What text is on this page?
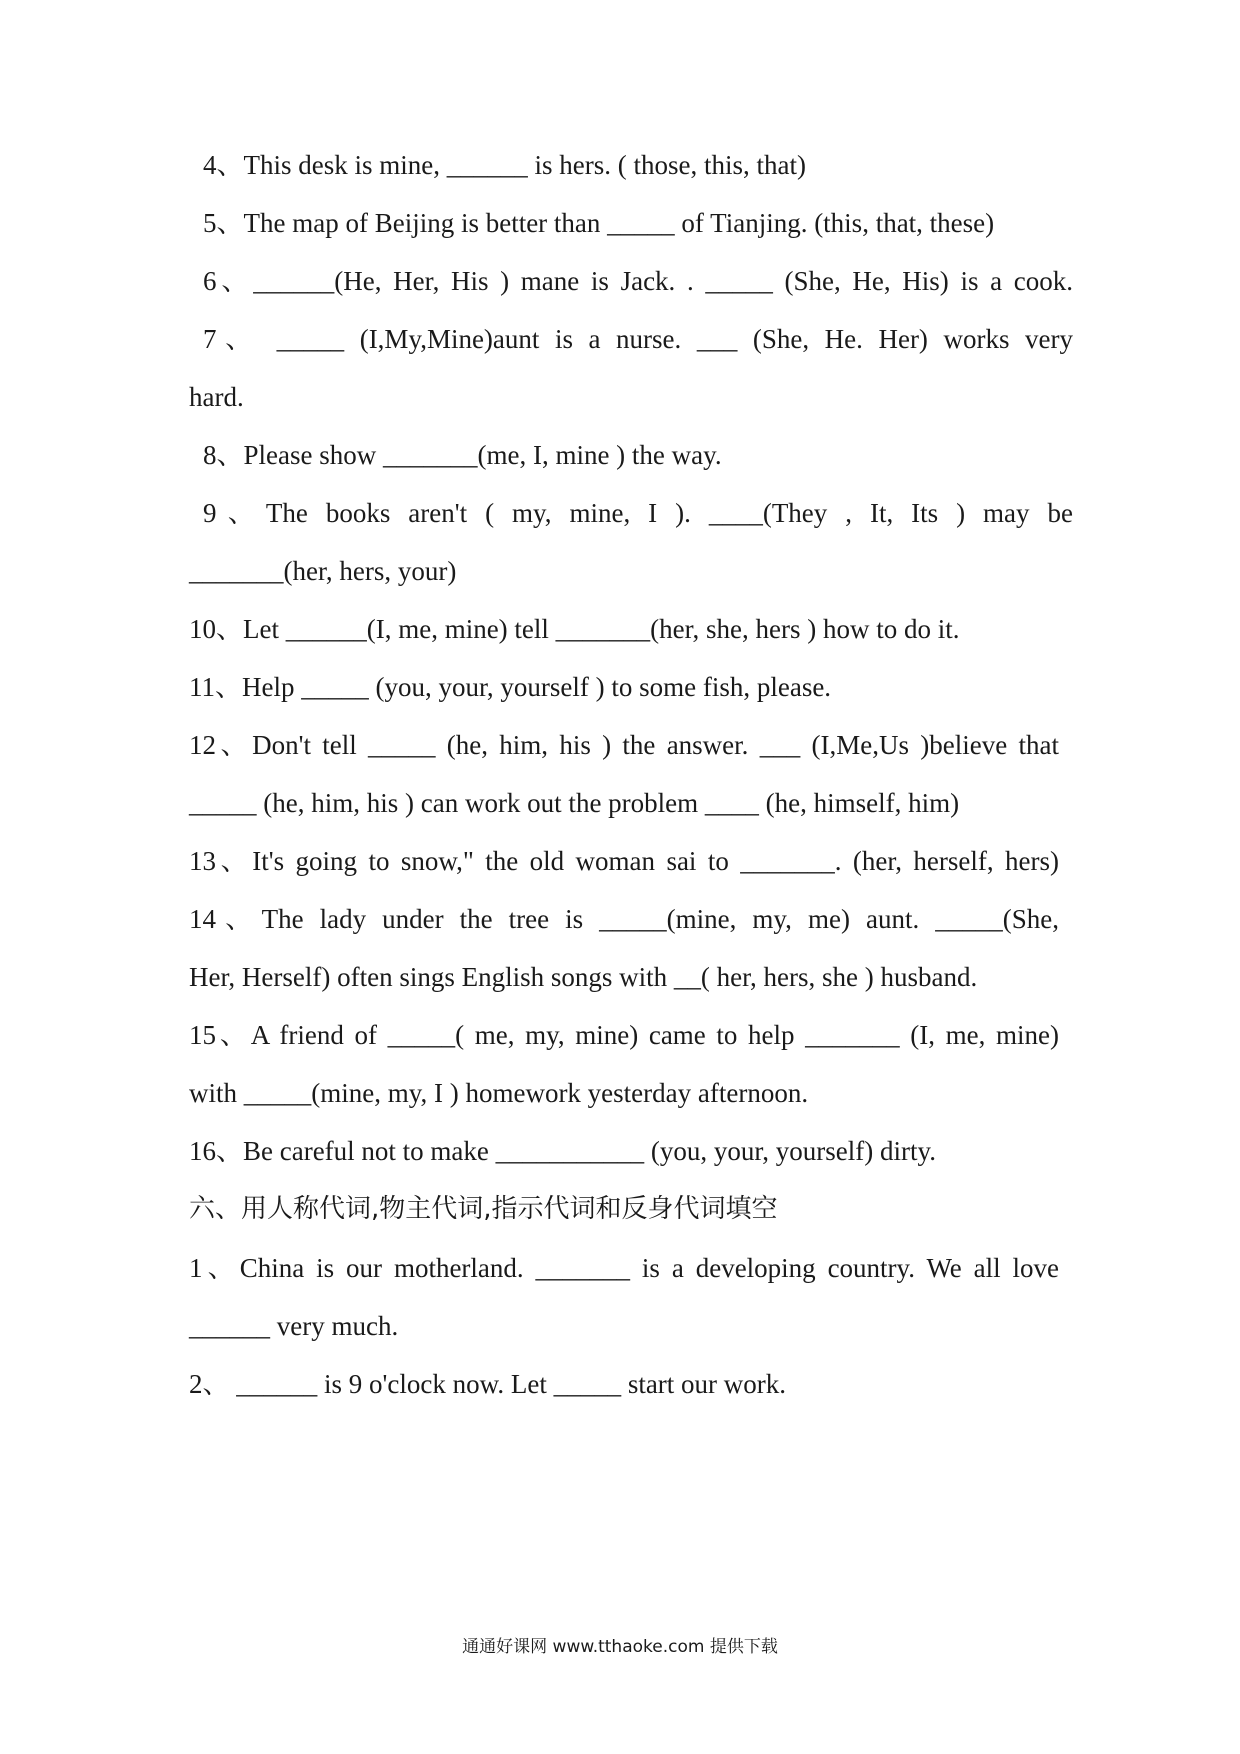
4、This desk is mine, ______ is hers. ( those, this, that)
5、The map of Beijing is better than _____ of Tianjing. (this, that, these)
6、______(He, Her, His ) mane is Jack. . _____ (She, He, His) is a cook.
7、 _____ (I,My,Mine)aunt is a nurse. ___ (She, He. Her) works very
hard.
8、Please show _______(me, I, mine ) the way.
9、The books aren't ( my, mine, I ). ____(They , It, Its ) may be
_______(her, hers, your)
10、Let ______(I, me, mine) tell _______(her, she, hers ) how to do it.
11、Help _____ (you, your, yourself ) to some fish, please.
12、Don't tell _____ (he, him, his ) the answer. ___ (I,Me,Us )believe that
_____ (he, him, his ) can work out the problem ____ (he, himself, him)
13、It's going to snow," the old woman sai to _______. (her, herself, hers)
14、The lady under the tree is _____(mine, my, me) aunt. _____(She,
Her, Herself) often sings English songs with __( her, hers, she ) husband.
15、A friend of _____( me, my, mine) came to help _______ (I, me, mine)
with _____(mine, my, I ) homework yesterday afternoon.
16、Be careful not to make ___________ (you, your, yourself) dirty.
六、用人称代词,物主代词,指示代词和反身代词填空
1、China is our motherland. _______ is a developing country. We all love
______ very much.
2、 ______ is 9 o'clock now. Let _____ start our work.
通通好课网 www.tthaoke.com 提供下载
